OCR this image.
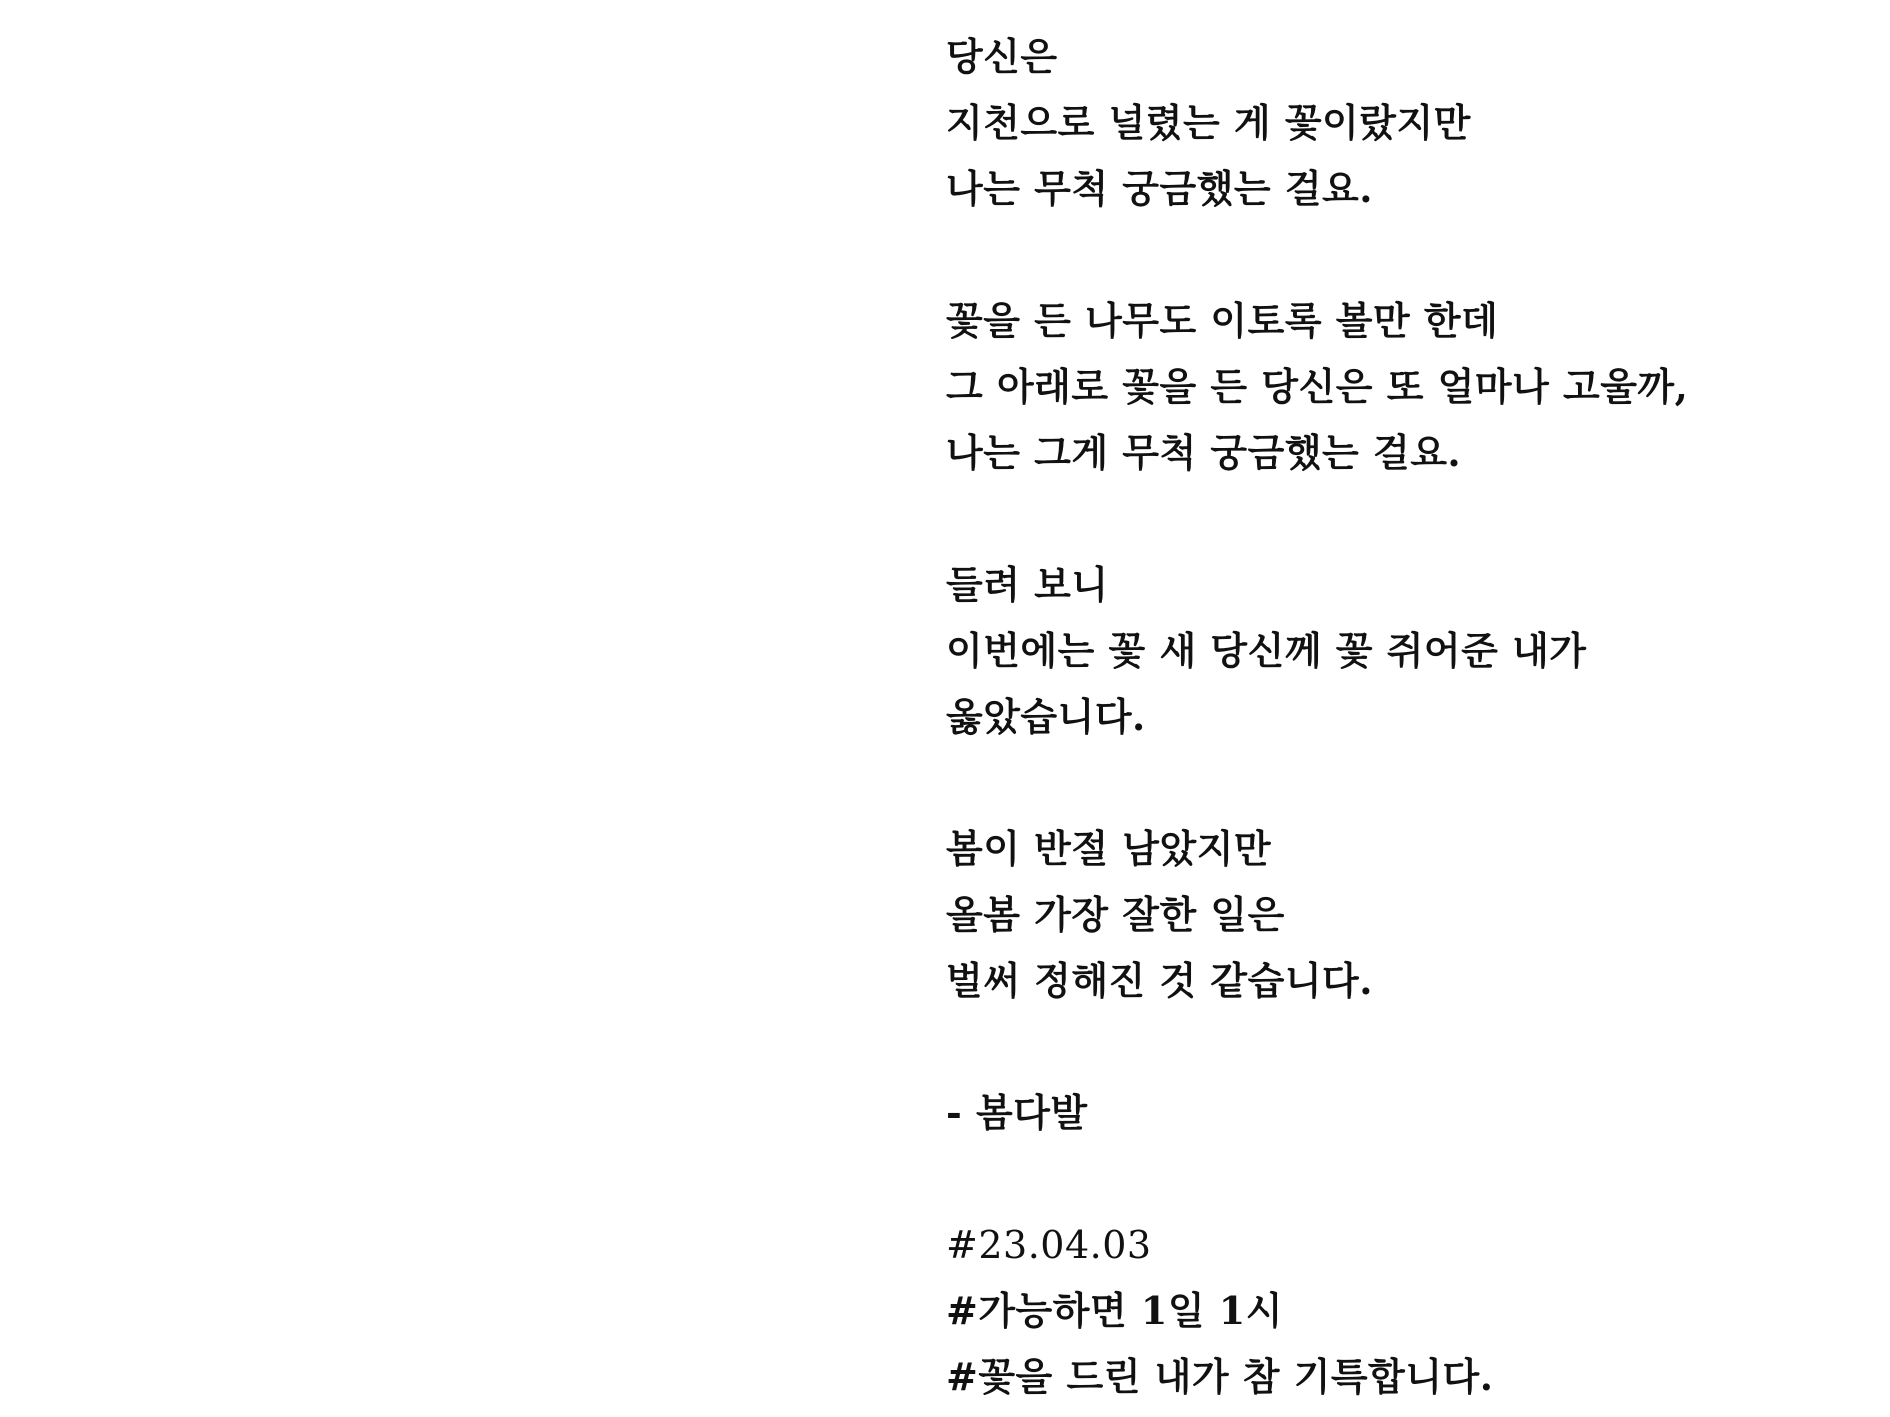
당신은
지천으로 널렸는 게 꽃이랐지만
나는 무척 궁금했는 걸요.
꽃을 든 나무도 이토록 볼만 한데
그 아래로 꽃을 든 당신은 또 얼마나 고울까,
나는 그게 무척 궁금했는 걸요.
들려 보니
이번에는 꽃 새 당신께 꽃 쥐어준 내가
옳았습니다.
봄이 반절 남았지만
올봄 가장 잘한 일은
벌써 정해진 것 같습니다.
- 봄다발
#23.04.03
#가능하면 1일 1시
#꽃을 드린 내가 참 기특합니다.
